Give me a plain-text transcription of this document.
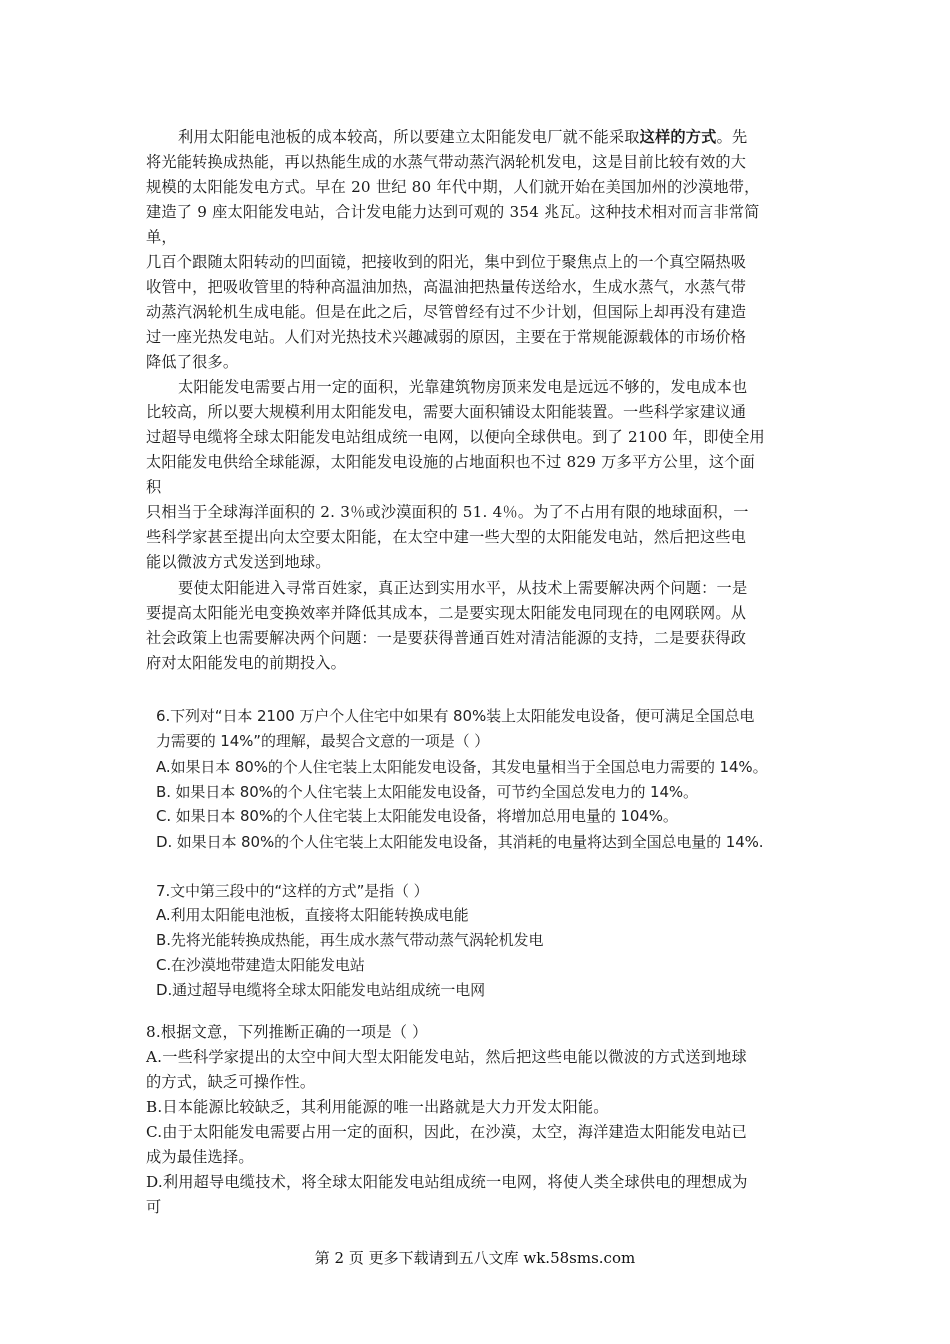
利用太阳能电池板的成本较高，所以要建立太阳能发电厂就不能采取这样的方式。先
将光能转换成热能，再以热能生成的水蒸气带动蒸汽涡轮机发电，这是目前比较有效的大
规模的太阳能发电方式。早在 20 世纪 80 年代中期，人们就开始在美国加州的沙漠地带，
建造了 9 座太阳能发电站，合计发电能力达到可观的 354 兆瓦。这种技术相对而言非常简
单，
几百个跟随太阳转动的凹面镜，把接收到的阳光，集中到位于聚焦点上的一个真空隔热吸
收管中，把吸收管里的特种高温油加热，高温油把热量传送给水，生成水蒸气，水蒸气带
动蒸汽涡轮机生成电能。但是在此之后，尽管曾经有过不少计划，但国际上却再没有建造
过一座光热发电站。人们对光热技术兴趣减弱的原因，主要在于常规能源载体的市场价格
降低了很多。
太阳能发电需要占用一定的面积，光靠建筑物房顶来发电是远远不够的，发电成本也
比较高，所以要大规模利用太阳能发电，需要大面积铺设太阳能装置。一些科学家建议通
过超导电缆将全球太阳能发电站组成统一电网，以便向全球供电。到了 2100 年，即使全用
太阳能发电供给全球能源，太阳能发电设施的占地面积也不过 829 万多平方公里，这个面
积
只相当于全球海洋面积的 2. 3％或沙漠面积的 51. 4％。为了不占用有限的地球面积，一
些科学家甚至提出向太空要太阳能，在太空中建一些大型的太阳能发电站，然后把这些电
能以微波方式发送到地球。
要使太阳能进入寻常百姓家，真正达到实用水平，从技术上需要解决两个问题：一是
要提高太阳能光电变换效率并降低其成本，二是要实现太阳能发电同现在的电网联网。从
社会政策上也需要解决两个问题：一是要获得普通百姓对清洁能源的支持，二是要获得政
府对太阳能发电的前期投入。
6.下列对“日本 2100 万户个人住宅中如果有 80%装上太阳能发电设备，便可满足全国总电
力需要的 14%”的理解，最契合文意的一项是（ ）
A.如果日本 80%的个人住宅装上太阳能发电设备，其发电量相当于全国总电力需要的 14%。
B. 如果日本 80%的个人住宅装上太阳能发电设备，可节约全国总发电力的 14%。
C. 如果日本 80%的个人住宅装上太阳能发电设备，将增加总用电量的 104%。
D. 如果日本 80%的个人住宅装上太阳能发电设备，其消耗的电量将达到全国总电量的 14%.
7.文中第三段中的“这样的方式”是指（ ）
A.利用太阳能电池板，直接将太阳能转换成电能
B.先将光能转换成热能，再生成水蒸气带动蒸气涡轮机发电
C.在沙漠地带建造太阳能发电站
D.通过超导电缆将全球太阳能发电站组成统一电网
8.根据文意，下列推断正确的一项是（ ）
A.一些科学家提出的太空中间大型太阳能发电站，然后把这些电能以微波的方式送到地球
的方式，缺乏可操作性。
B.日本能源比较缺乏，其利用能源的唯一出路就是大力开发太阳能。
C.由于太阳能发电需要占用一定的面积，因此，在沙漠，太空，海洋建造太阳能发电站已
成为最佳选择。
D.利用超导电缆技术，将全球太阳能发电站组成统一电网，将使人类全球供电的理想成为
可
第 2 页 更多下载请到五八文库 wk.58sms.com
